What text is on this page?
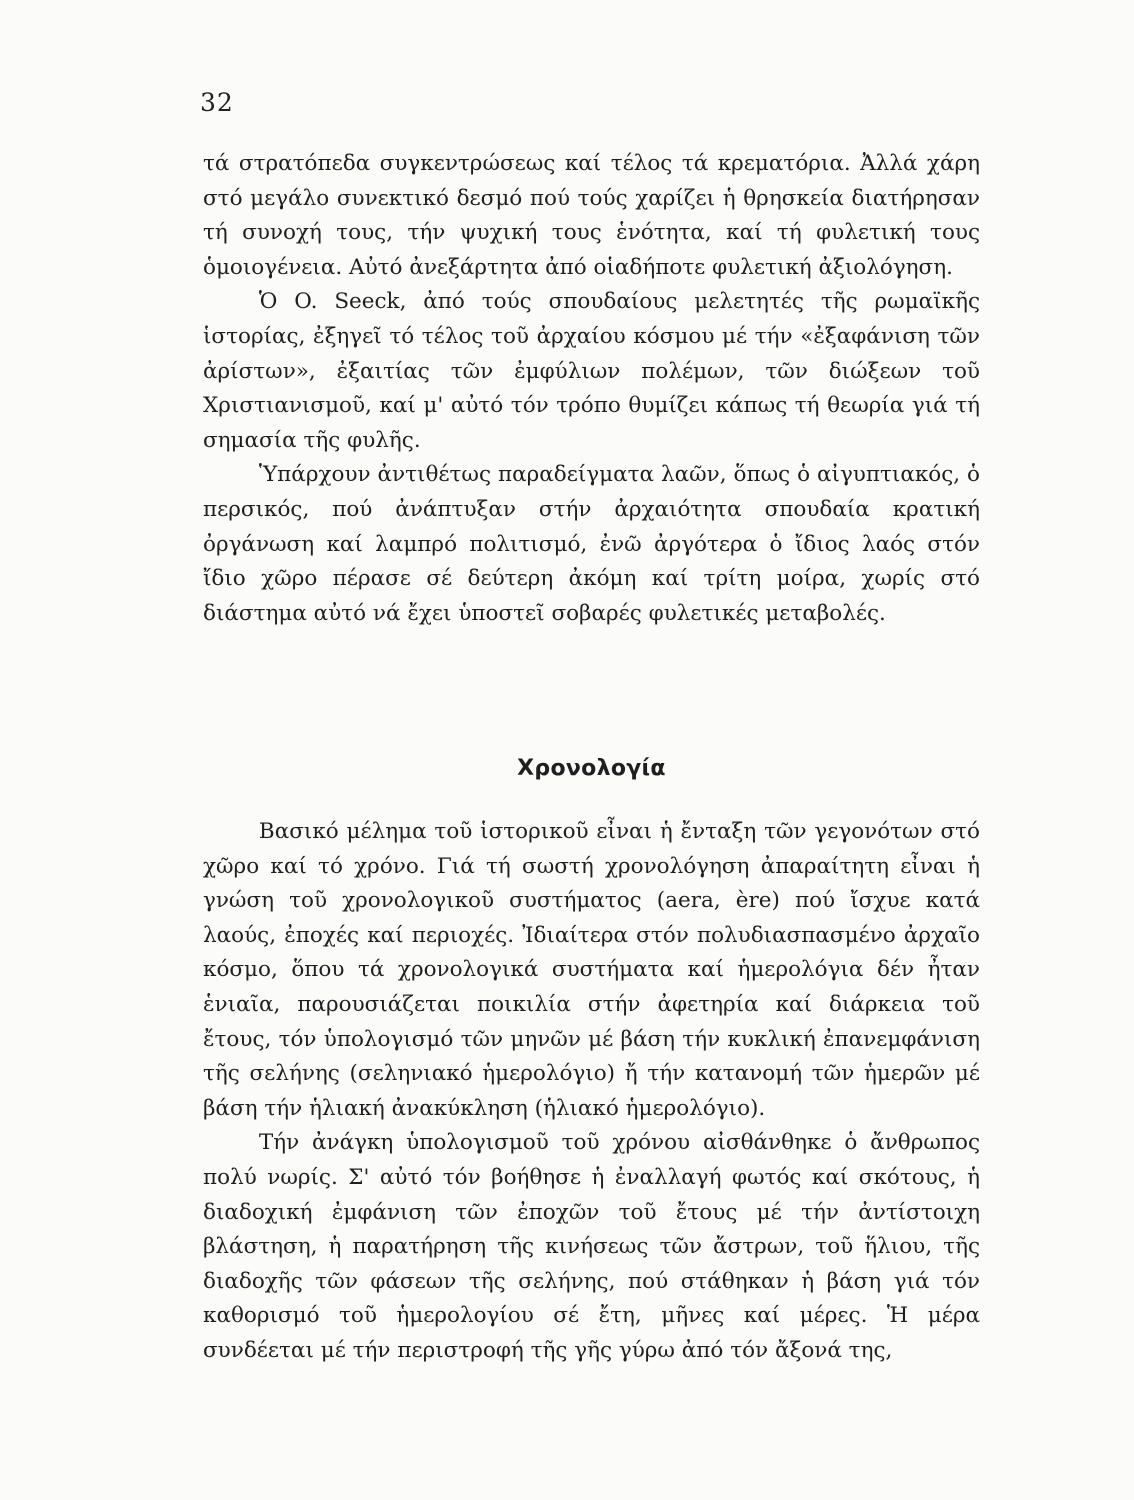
32

τά στρατόπεδα συγκεντρώσεως καί τέλος τά κρεματόρια. Ἀλλά χάρη στό μεγάλο συνεκτικό δεσμό πού τούς χαρίζει ἡ θρησκεία διατήρησαν τή συνοχή τους, τήν ψυχική τους ἑνότητα, καί τή φυλετική τους ὁμοιογένεια. Αὐτό ἀνεξάρτητα ἀπό οἱαδήποτε φυλετική ἀξιολόγηση.

Ὁ O. Seeck, ἀπό τούς σπουδαίους μελετητές τῆς ρωμαϊκῆς ἱστορίας, ἐξηγεῖ τό τέλος τοῦ ἀρχαίου κόσμου μέ τήν «ἐξαφάνιση τῶν ἀρίστων», ἐξαιτίας τῶν ἐμφύλιων πολέμων, τῶν διώξεων τοῦ Χριστιανισμοῦ, καί μ' αὐτό τόν τρόπο θυμίζει κάπως τή θεωρία γιά τή σημασία τῆς φυλῆς.

Ὑπάρχουν ἀντιθέτως παραδείγματα λαῶν, ὅπως ὁ αἰγυπτιακός, ὁ περσικός, πού ἀνάπτυξαν στήν ἀρχαιότητα σπουδαία κρατική ὀργάνωση καί λαμπρό πολιτισμό, ἐνῶ ἀργότερα ὁ ἴδιος λαός στόν ἴδιο χῶρο πέρασε σέ δεύτερη ἀκόμη καί τρίτη μοίρα, χωρίς στό διάστημα αὐτό νά ἔχει ὑποστεῖ σοβαρές φυλετικές μεταβολές.

Χρονολογία

Βασικό μέλημα τοῦ ἱστορικοῦ εἶναι ἡ ἔνταξη τῶν γεγονότων στό χῶρο καί τό χρόνο. Γιά τή σωστή χρονολόγηση ἀπαραίτητη εἶναι ἡ γνώση τοῦ χρονολογικοῦ συστήματος (aera, ère) πού ἴσχυε κατά λαούς, ἐποχές καί περιοχές. Ἰδιαίτερα στόν πολυδιασπασμένο ἀρχαῖο κόσμο, ὅπου τά χρονολογικά συστήματα καί ἡμερολόγια δέν ἦταν ἑνιαῖα, παρουσιάζεται ποικιλία στήν ἀφετηρία καί διάρκεια τοῦ ἔτους, τόν ὑπολογισμό τῶν μηνῶν μέ βάση τήν κυκλική ἐπανεμφάνιση τῆς σελήνης (σεληνιακό ἡμερολόγιο) ἤ τήν κατανομή τῶν ἡμερῶν μέ βάση τήν ἡλιακή ἀνακύκληση (ἡλιακό ἡμερολόγιο).

Τήν ἀνάγκη ὑπολογισμοῦ τοῦ χρόνου αἰσθάνθηκε ὁ ἄνθρωπος πολύ νωρίς. Σ' αὐτό τόν βοήθησε ἡ ἐναλλαγή φωτός καί σκότους, ἡ διαδοχική ἐμφάνιση τῶν ἐποχῶν τοῦ ἔτους μέ τήν ἀντίστοιχη βλάστηση, ἡ παρατήρηση τῆς κινήσεως τῶν ἄστρων, τοῦ ἥλιου, τῆς διαδοχῆς τῶν φάσεων τῆς σελήνης, πού στάθηκαν ἡ βάση γιά τόν καθορισμό τοῦ ἡμερολογίου σέ ἔτη, μῆνες καί μέρες. Ἡ μέρα συνδέεται μέ τήν περιστροφή τῆς γῆς γύρω ἀπό τόν ἄξονά της,
